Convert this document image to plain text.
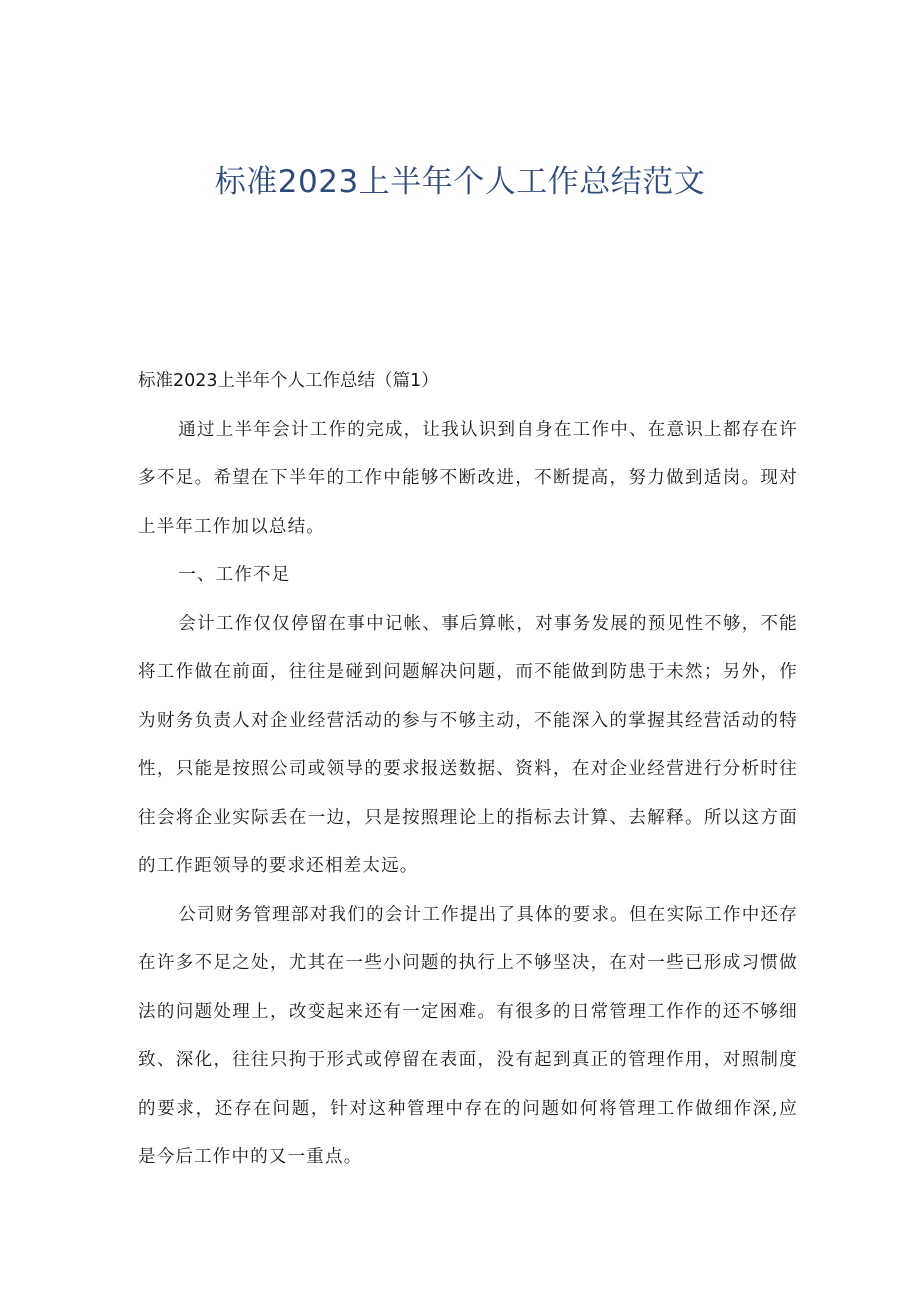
标准2023上半年个人工作总结范文

标准2023上半年个人工作总结（篇1）

通过上半年会计工作的完成，让我认识到自身在工作中、在意识上都存在许多不足。希望在下半年的工作中能够不断改进，不断提高，努力做到适岗。现对上半年工作加以总结。

一、工作不足

会计工作仅仅停留在事中记帐、事后算帐，对事务发展的预见性不够，不能将工作做在前面，往往是碰到问题解决问题，而不能做到防患于未然；另外，作为财务负责人对企业经营活动的参与不够主动，不能深入的掌握其经营活动的特性，只能是按照公司或领导的要求报送数据、资料，在对企业经营进行分析时往往会将企业实际丢在一边，只是按照理论上的指标去计算、去解释。所以这方面的工作距领导的要求还相差太远。

公司财务管理部对我们的会计工作提出了具体的要求。但在实际工作中还存在许多不足之处，尤其在一些小问题的执行上不够坚决，在对一些已形成习惯做法的问题处理上，改变起来还有一定困难。有很多的日常管理工作作的还不够细致、深化，往往只拘于形式或停留在表面，没有起到真正的管理作用，对照制度的要求，还存在问题，针对这种管理中存在的问题如何将管理工作做细作深,应是今后工作中的又一重点。
